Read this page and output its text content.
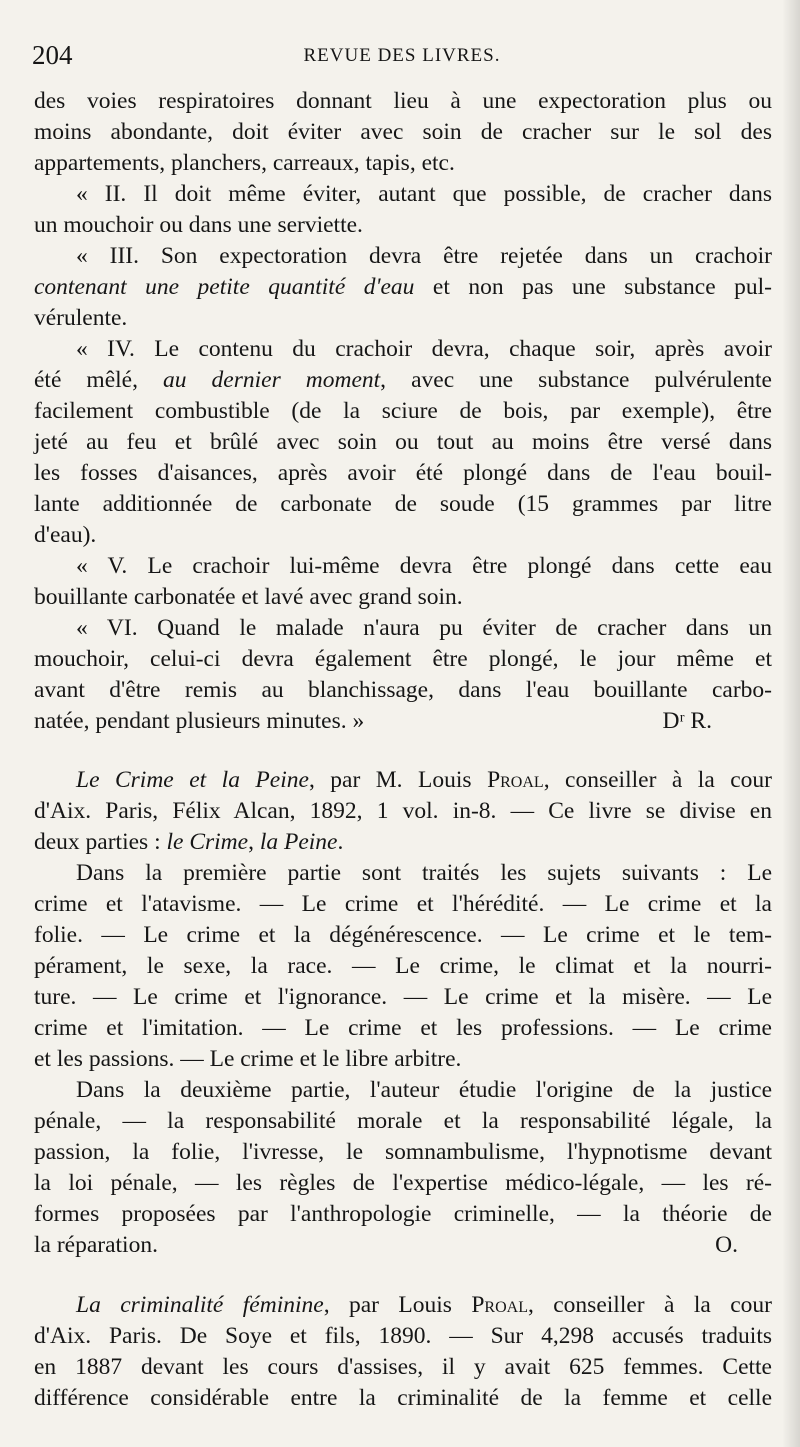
204	REVUE DES LIVRES.
des voies respiratoires donnant lieu à une expectoration plus ou
moins abondante, doit éviter avec soin de cracher sur le sol des
appartements, planchers, carreaux, tapis, etc.
« II. Il doit même éviter, autant que possible, de cracher dans
un mouchoir ou dans une serviette.
« III. Son expectoration devra être rejetée dans un crachoir
contenant une petite quantité d'eau et non pas une substance pul-
vérulente.
« IV. Le contenu du crachoir devra, chaque soir, après avoir
été mêlé, au dernier moment, avec une substance pulvérulente
facilement combustible (de la sciure de bois, par exemple), être
jeté au feu et brûlé avec soin ou tout au moins être versé dans
les fosses d'aisances, après avoir été plongé dans de l'eau bouil-
lante additionnée de carbonate de soude (15 grammes par litre
d'eau).
« V. Le crachoir lui-même devra être plongé dans cette eau
bouillante carbonatée et lavé avec grand soin.
« VI. Quand le malade n'aura pu éviter de cracher dans un
mouchoir, celui-ci devra également être plongé, le jour même et
avant d'être remis au blanchissage, dans l'eau bouillante carbo-
natée, pendant plusieurs minutes. »	Dʳ R.
Le Crime et la Peine, par M. Louis Proal, conseiller à la cour
d'Aix. Paris, Félix Alcan, 1892, 1 vol. in-8. — Ce livre se divise en
deux parties : le Crime, la Peine.
Dans la première partie sont traités les sujets suivants : Le
crime et l'atavisme. — Le crime et l'hérédité. — Le crime et la
folie. — Le crime et la dégénérescence. — Le crime et le tem-
pérament, le sexe, la race. — Le crime, le climat et la nourri-
ture. — Le crime et l'ignorance. — Le crime et la misère. — Le
crime et l'imitation. — Le crime et les professions. — Le crime
et les passions. — Le crime et le libre arbitre.
Dans la deuxième partie, l'auteur étudie l'origine de la justice
pénale, — la responsabilité morale et la responsabilité légale, la
passion, la folie, l'ivresse, le somnambulisme, l'hypnotisme devant
la loi pénale, — les règles de l'expertise médico-légale, — les ré-
formes proposées par l'anthropologie criminelle, — la théorie de
la réparation.	O.
La criminalité féminine, par Louis Proal, conseiller à la cour
d'Aix. Paris. De Soye et fils, 1890. — Sur 4,298 accusés traduits
en 1887 devant les cours d'assises, il y avait 625 femmes. Cette
différence considérable entre la criminalité de la femme et celle
